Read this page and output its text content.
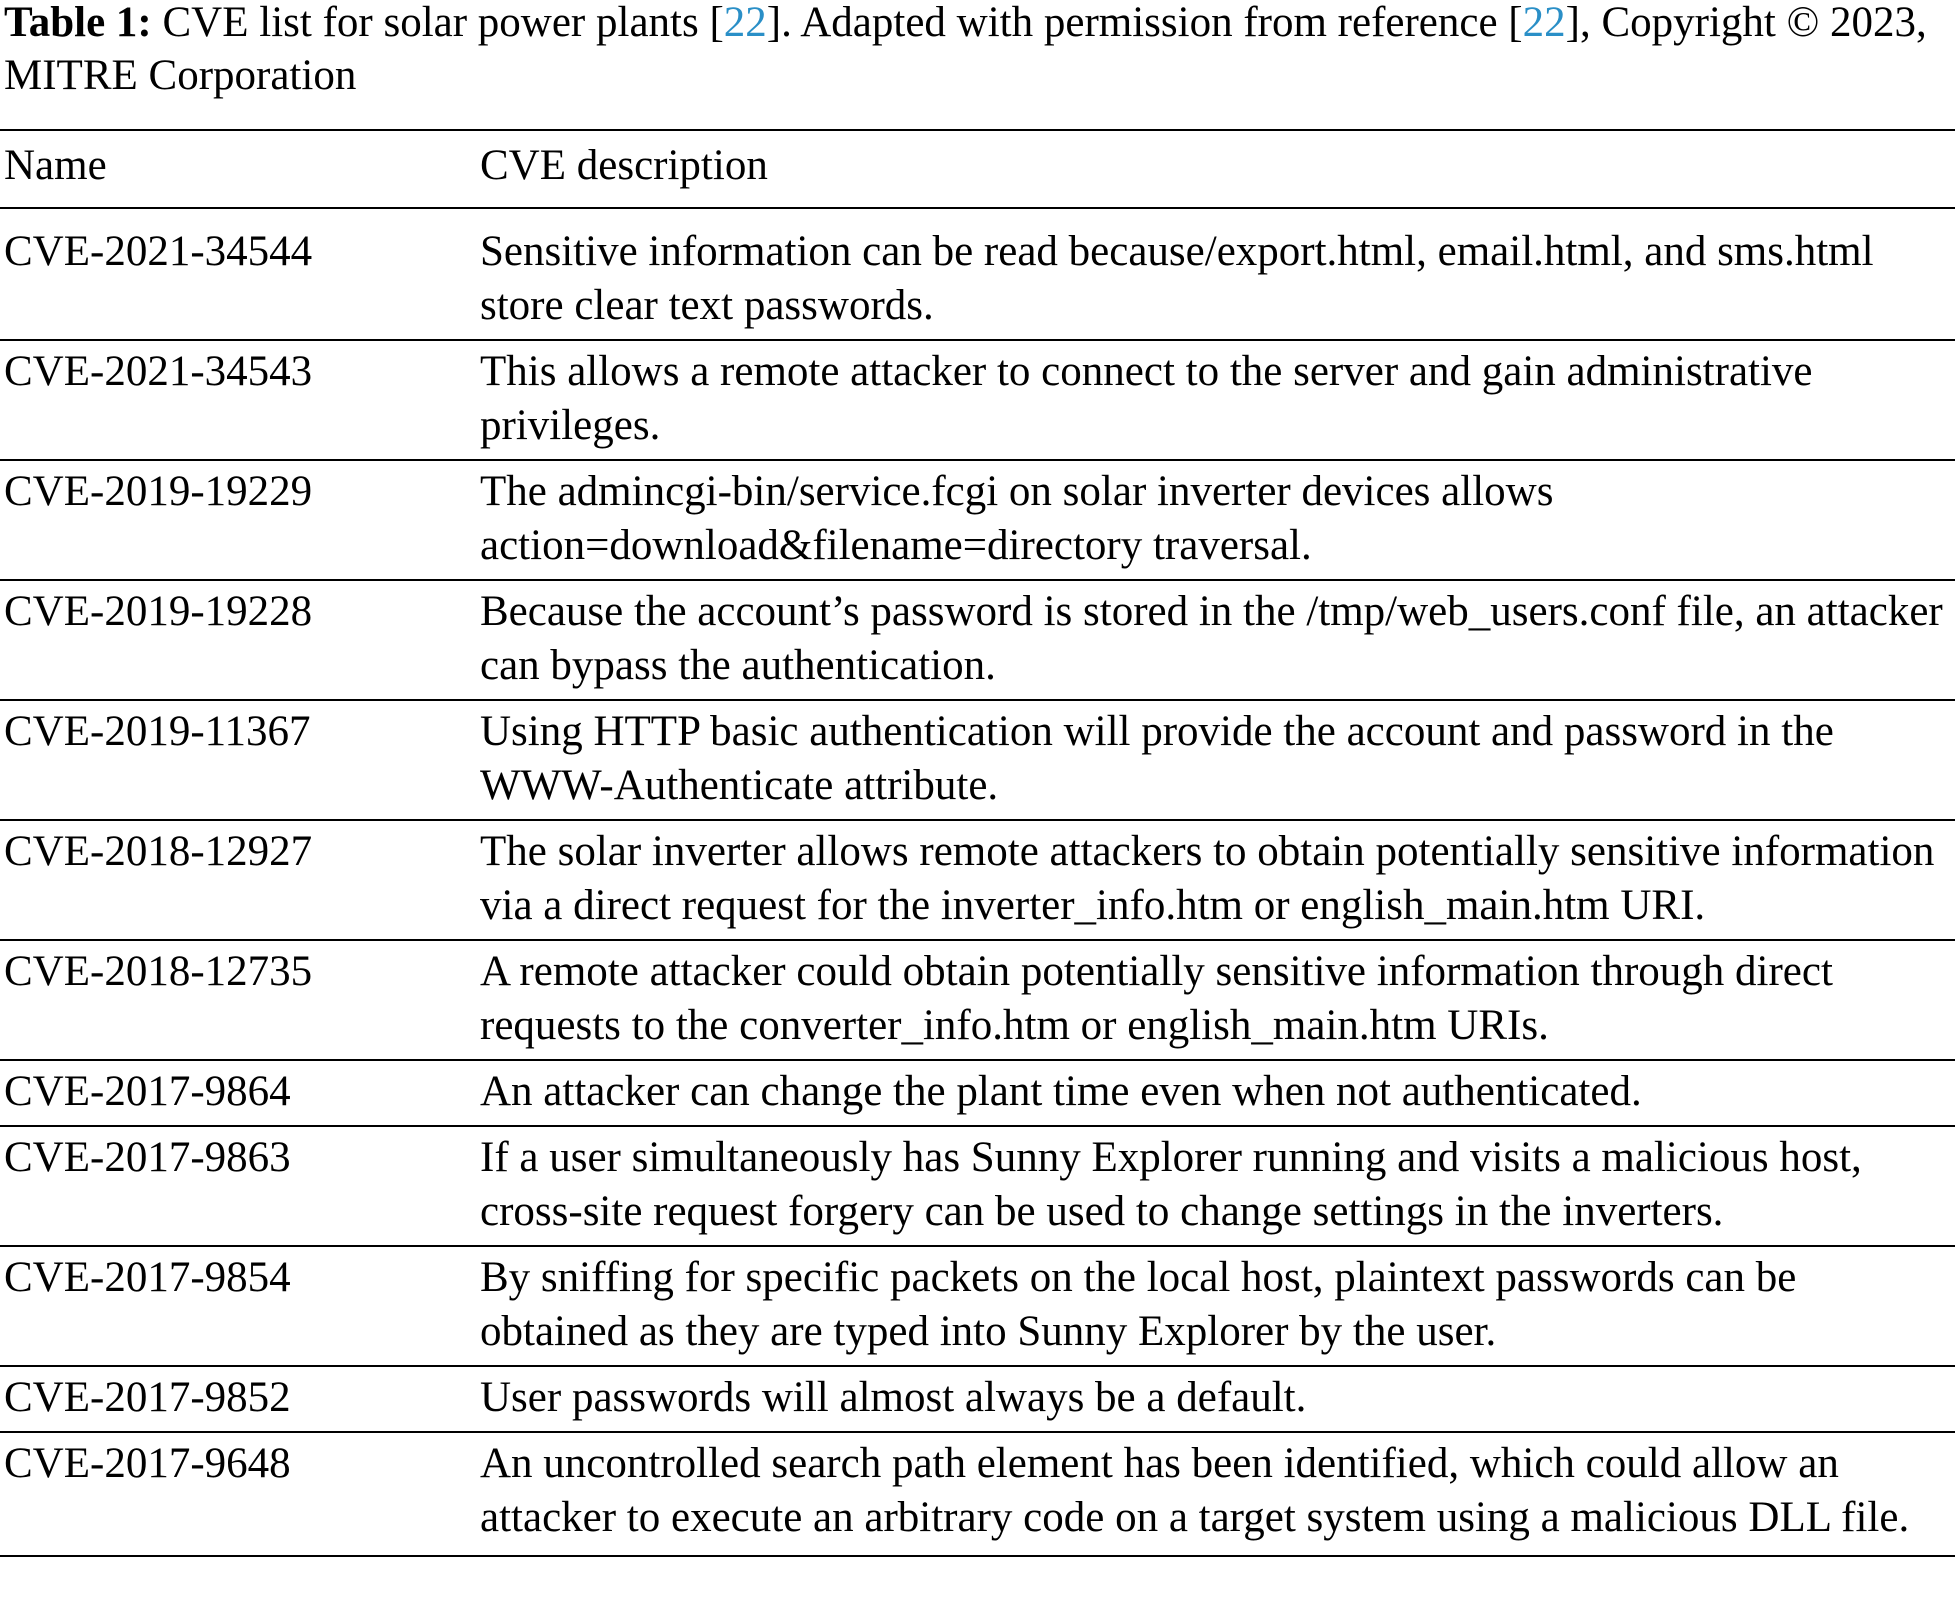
Table 1: CVE list for solar power plants [22]. Adapted with permission from reference [22], Copyright © 2023, MITRE Corporation
Name	CVE description
CVE-2021-34544	Sensitive information can be read because/export.html, email.html, and sms.html store clear text passwords.
CVE-2021-34543	This allows a remote attacker to connect to the server and gain administrative privileges.
CVE-2019-19229	The admincgi-bin/service.fcgi on solar inverter devices allows action=download&filename=directory traversal.
CVE-2019-19228	Because the account’s password is stored in the /tmp/web_users.conf file, an attacker can bypass the authentication.
CVE-2019-11367	Using HTTP basic authentication will provide the account and password in the WWW-Authenticate attribute.
CVE-2018-12927	The solar inverter allows remote attackers to obtain potentially sensitive information via a direct request for the inverter_info.htm or english_main.htm URI.
CVE-2018-12735	A remote attacker could obtain potentially sensitive information through direct requests to the converter_info.htm or english_main.htm URIs.
CVE-2017-9864	An attacker can change the plant time even when not authenticated.
CVE-2017-9863	If a user simultaneously has Sunny Explorer running and visits a malicious host, cross-site request forgery can be used to change settings in the inverters.
CVE-2017-9854	By sniffing for specific packets on the local host, plaintext passwords can be obtained as they are typed into Sunny Explorer by the user.
CVE-2017-9852	User passwords will almost always be a default.
CVE-2017-9648	An uncontrolled search path element has been identified, which could allow an attacker to execute an arbitrary code on a target system using a malicious DLL file.
